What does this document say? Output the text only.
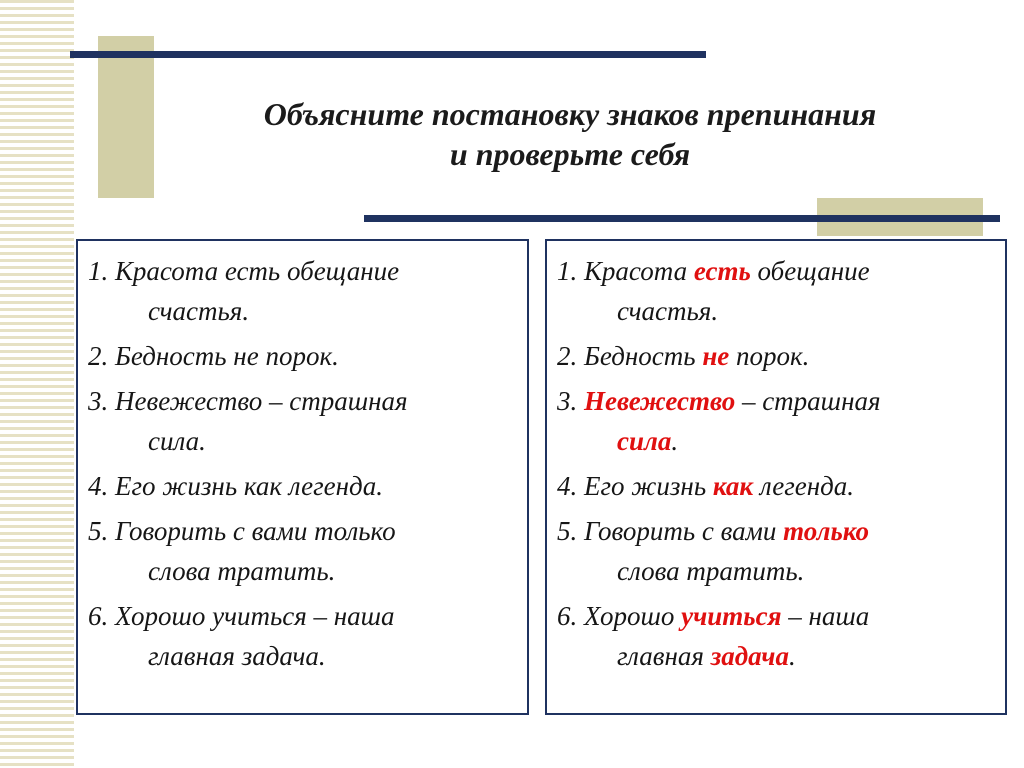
Объясните постановку знаков препинания
и проверьте себя
1. Красота есть обещание
счастья.
2. Бедность не порок.
3. Невежество – страшная
сила.
4. Его жизнь как легенда.
5. Говорить с вами только
слова тратить.
6. Хорошо учиться – наша
главная задача.
1. Красота есть обещание
счастья.
2. Бедность не порок.
3. Невежество – страшная
сила.
4. Его жизнь как легенда.
5. Говорить с вами только
слова тратить.
6. Хорошо учиться – наша
главная задача.
